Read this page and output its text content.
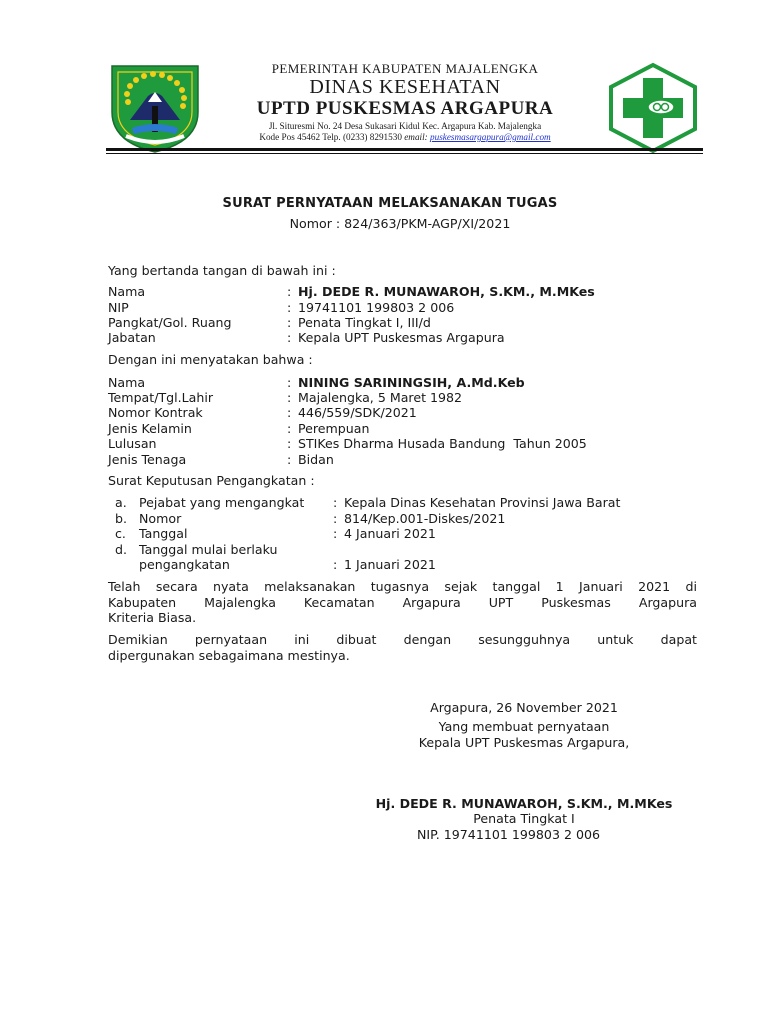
PEMERINTAH KABUPATEN MAJALENGKA
DINAS KESEHATAN
UPTD PUSKESMAS ARGAPURA
Jl. Situresmi No. 24 Desa Sukasari Kidul Kec. Argapura Kab. Majalengka
Kode Pos 45462 Telp. (0233) 8291530 email: puskesmasargapura@gmail.com
SURAT PERNYATAAN MELAKSANAKAN TUGAS
Nomor : 824/363/PKM-AGP/XI/2021
Yang bertanda tangan di bawah ini :
Nama	: Hj. DEDE R. MUNAWAROH, S.KM., M.MKes
NIP	: 19741101 199803 2 006
Pangkat/Gol. Ruang	: Penata Tingkat I, III/d
Jabatan	: Kepala UPT Puskesmas Argapura
Dengan ini menyatakan bahwa :
Nama	: NINING SARININGSIH, A.Md.Keb
Tempat/Tgl.Lahir	: Majalengka, 5 Maret 1982
Nomor Kontrak	: 446/559/SDK/2021
Jenis Kelamin	: Perempuan
Lulusan	: STIKes Dharma Husada Bandung  Tahun 2005
Jenis Tenaga	: Bidan
Surat Keputusan Pengangkatan :
a. Pejabat yang mengangkat : Kepala Dinas Kesehatan Provinsi Jawa Barat
b. Nomor	: 814/Kep.001-Diskes/2021
c. Tanggal	: 4 Januari 2021
d. Tanggal mulai berlaku
pengangkatan	: 1 Januari 2021
Telah secara nyata melaksanakan tugasnya sejak tanggal 1 Januari 2021 di
Kabupaten Majalengka Kecamatan Argapura UPT Puskesmas Argapura
Kriteria Biasa.
Demikian pernyataan ini dibuat dengan sesungguhnya untuk dapat
dipergunakan sebagaimana mestinya.
Argapura, 26 November 2021
Yang membuat pernyataan
Kepala UPT Puskesmas Argapura,
Hj. DEDE R. MUNAWAROH, S.KM., M.MKes
Penata Tingkat I
NIP. 19741101 199803 2 006
